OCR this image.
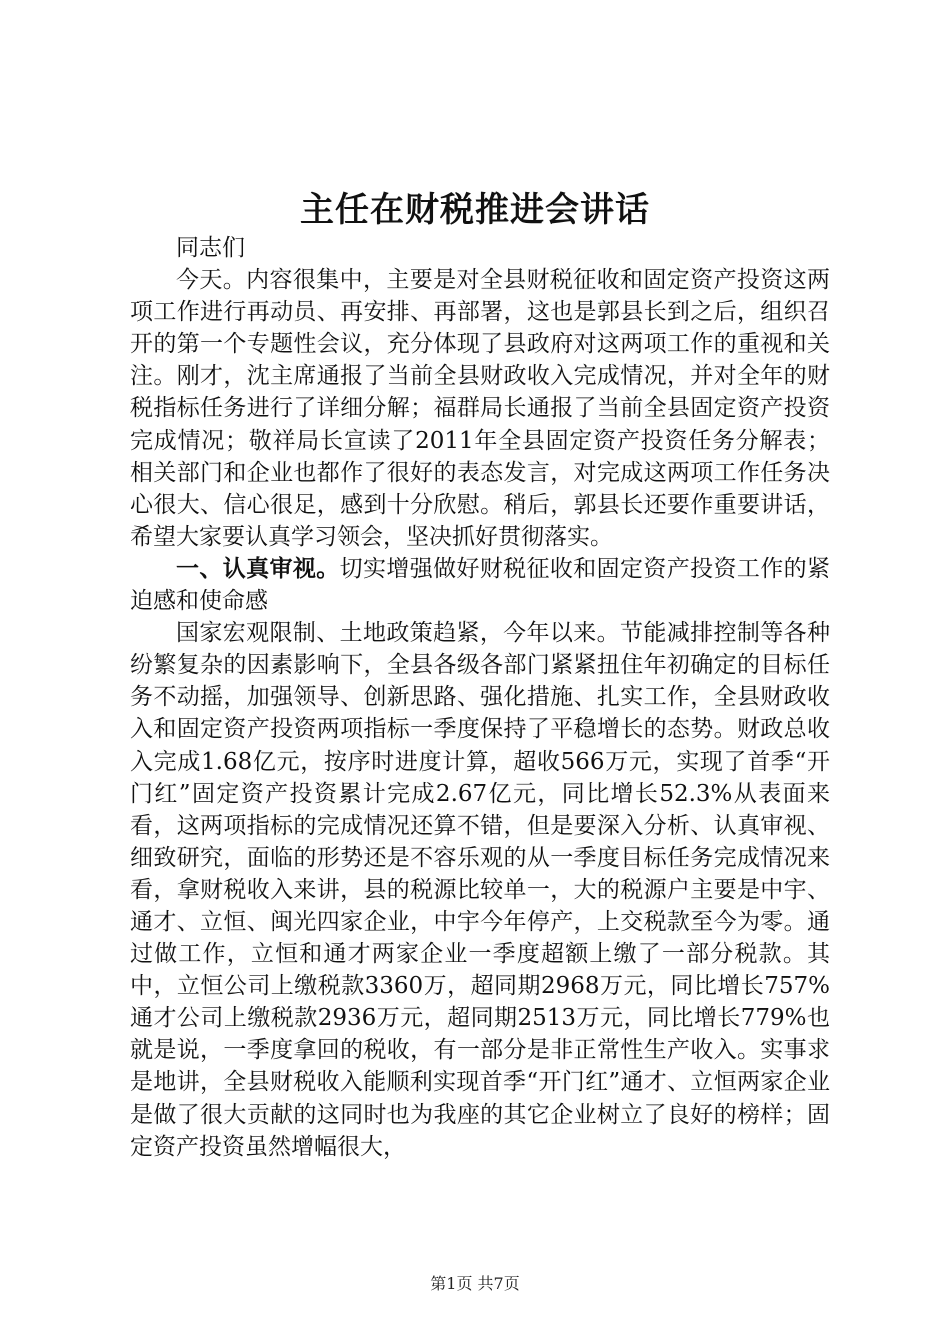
主任在财税推进会讲话

同志们

今天。内容很集中，主要是对全县财税征收和固定资产投资这两项工作进行再动员、再安排、再部署，这也是郭县长到之后，组织召开的第一个专题性会议，充分体现了县政府对这两项工作的重视和关注。刚才，沈主席通报了当前全县财政收入完成情况，并对全年的财税指标任务进行了详细分解；福群局长通报了当前全县固定资产投资完成情况；敬祥局长宣读了2011年全县固定资产投资任务分解表；相关部门和企业也都作了很好的表态发言，对完成这两项工作任务决心很大、信心很足，感到十分欣慰。稍后，郭县长还要作重要讲话，希望大家要认真学习领会，坚决抓好贯彻落实。

一、认真审视。切实增强做好财税征收和固定资产投资工作的紧迫感和使命感

国家宏观限制、土地政策趋紧，今年以来。节能减排控制等各种纷繁复杂的因素影响下，全县各级各部门紧紧扭住年初确定的目标任务不动摇，加强领导、创新思路、强化措施、扎实工作，全县财政收入和固定资产投资两项指标一季度保持了平稳增长的态势。财政总收入完成1.68亿元，按序时进度计算，超收566万元，实现了首季“开门红”固定资产投资累计完成2.67亿元，同比增长52.3%从表面来看，这两项指标的完成情况还算不错，但是要深入分析、认真审视、细致研究，面临的形势还是不容乐观的从一季度目标任务完成情况来看，拿财税收入来讲，县的税源比较单一，大的税源户主要是中宇、通才、立恒、闽光四家企业，中宇今年停产，上交税款至今为零。通过做工作，立恒和通才两家企业一季度超额上缴了一部分税款。其中，立恒公司上缴税款3360万，超同期2968万元，同比增长757%通才公司上缴税款2936万元，超同期2513万元，同比增长779%也就是说，一季度拿回的税收，有一部分是非正常性生产收入。实事求是地讲，全县财税收入能顺利实现首季“开门红”通才、立恒两家企业是做了很大贡献的这同时也为我座的其它企业树立了良好的榜样；固定资产投资虽然增幅很大，

第1页 共7页
